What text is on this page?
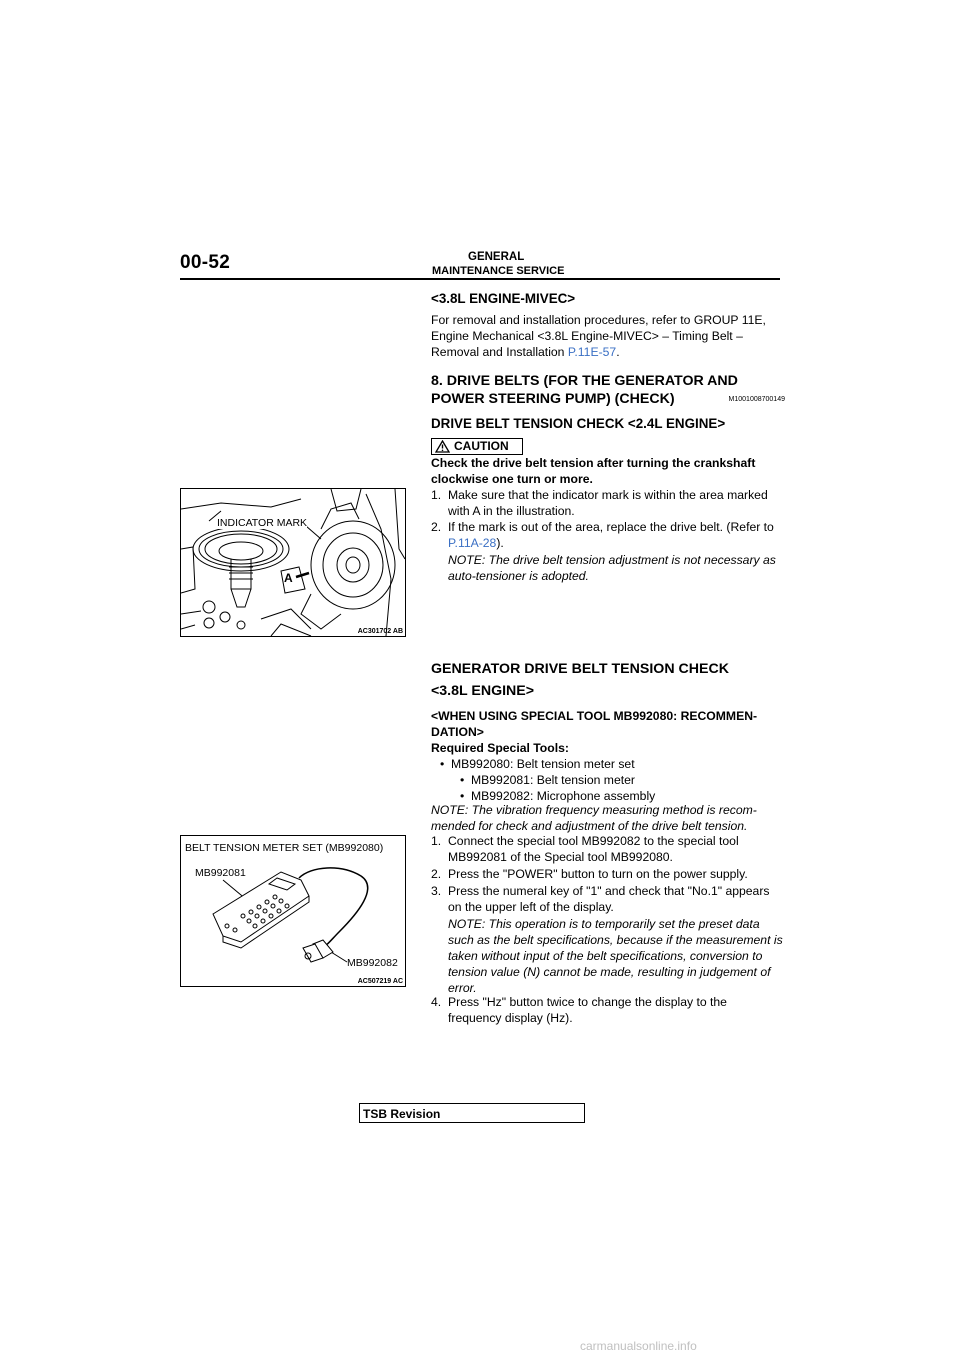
00-52	GENERAL
MAINTENANCE SERVICE
<3.8L ENGINE-MIVEC>
For removal and installation procedures, refer to GROUP 11E, Engine Mechanical <3.8L Engine-MIVEC> – Timing Belt – Removal and Installation P.11E-57.
8. DRIVE BELTS (FOR THE GENERATOR AND
POWER STEERING PUMP) (CHECK)	M1001008700149
DRIVE BELT TENSION CHECK <2.4L ENGINE>
CAUTION
Check the drive belt tension after turning the crankshaft clockwise one turn or more.
1. Make sure that the indicator mark is within the area marked with A in the illustration.
2. If the mark is out of the area, replace the drive belt. (Refer to P.11A-28).
NOTE: The drive belt tension adjustment is not necessary as auto-tensioner is adopted.
INDICATOR MARK
A
AC301702 AB
GENERATOR DRIVE BELT TENSION CHECK
<3.8L ENGINE>
<WHEN USING SPECIAL TOOL MB992080: RECOMMEN-DATION>
Required Special Tools:
• MB992080: Belt tension meter set
• MB992081: Belt tension meter
• MB992082: Microphone assembly
NOTE: The vibration frequency measuring method is recom-mended for check and adjustment of the drive belt tension.
1. Connect the special tool MB992082 to the special tool MB992081 of the Special tool MB992080.
2. Press the "POWER" button to turn on the power supply.
3. Press the numeral key of "1" and check that "No.1" appears on the upper left of the display.
NOTE: This operation is to temporarily set the preset data such as the belt specifications, because if the measurement is taken without input of the belt specifications, conversion to tension value (N) cannot be made, resulting in judgement of error.
4. Press "Hz" button twice to change the display to the frequency display (Hz).
BELT TENSION METER SET (MB992080)
MB992081
MB992082
AC507219 AC
TSB Revision
carmanualsonline.info
